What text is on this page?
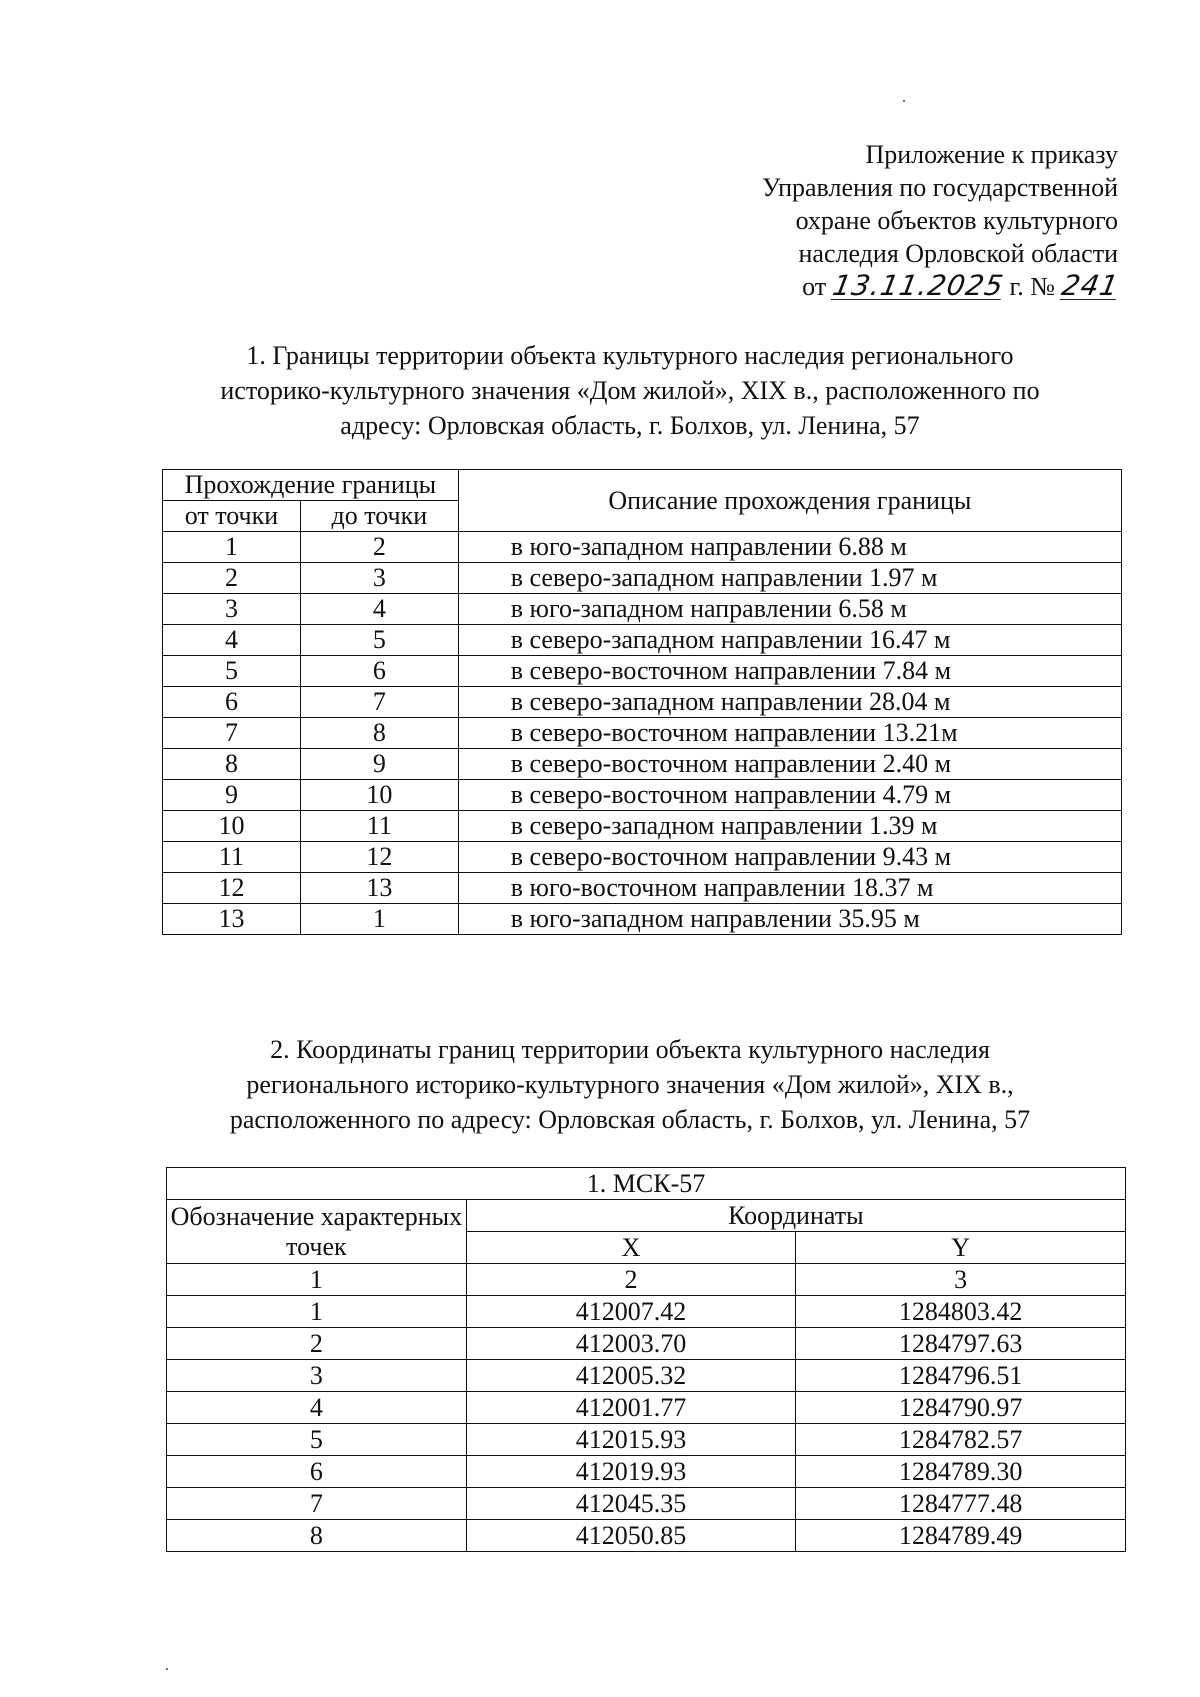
Приложение к приказу
Управления по государственной
охране объектов культурного
наследия Орловской области
от 13.11.2025 г. № 241
1. Границы территории объекта культурного наследия регионального
историко-культурного значения «Дом жилой», XIX в., расположенного по
адресу: Орловская область, г. Болхов, ул. Ленина, 57
Прохождение границы		Описание прохождения границы
от точки	до точки	
1	2	в юго-западном направлении 6.88 м
2	3	в северо-западном направлении 1.97 м
3	4	в юго-западном направлении 6.58 м
4	5	в северо-западном направлении 16.47 м
5	6	в северо-восточном направлении 7.84 м
6	7	в северо-западном направлении 28.04 м
7	8	в северо-восточном направлении 13.21м
8	9	в северо-восточном направлении 2.40 м
9	10	в северо-восточном направлении 4.79 м
10	11	в северо-западном направлении 1.39 м
11	12	в северо-восточном направлении 9.43 м
12	13	в юго-восточном направлении 18.37 м
13	1	в юго-западном направлении 35.95 м
2. Координаты границ территории объекта культурного наследия
регионального историко-культурного значения «Дом жилой», XIX в.,
расположенного по адресу: Орловская область, г. Болхов, ул. Ленина, 57
1. МСК-57		
Обозначение характерных точек	Координаты	
	X	Y
1	2	3
1	412007.42	1284803.42
2	412003.70	1284797.63
3	412005.32	1284796.51
4	412001.77	1284790.97
5	412015.93	1284782.57
6	412019.93	1284789.30
7	412045.35	1284777.48
8	412050.85	1284789.49
